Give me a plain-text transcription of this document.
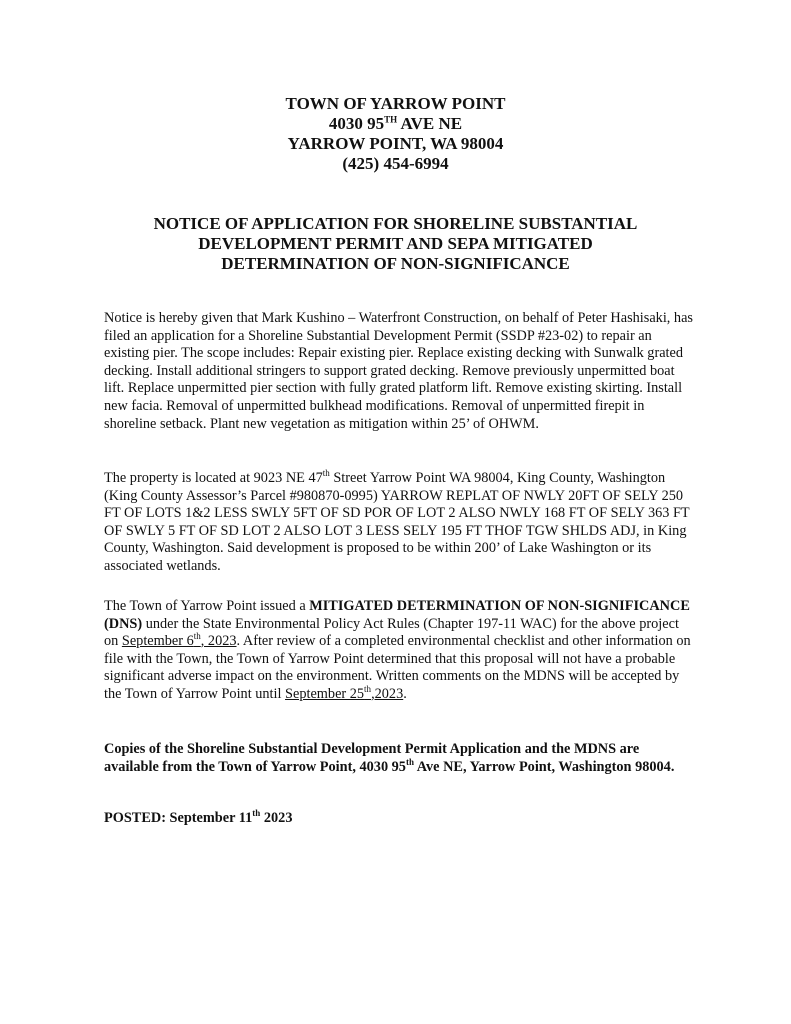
TOWN OF YARROW POINT
4030 95TH AVE NE
YARROW POINT, WA 98004
(425) 454-6994
NOTICE OF APPLICATION FOR SHORELINE SUBSTANTIAL
DEVELOPMENT PERMIT AND SEPA MITIGATED
DETERMINATION OF NON-SIGNIFICANCE

Notice is hereby given that Mark Kushino – Waterfront Construction, on behalf of Peter Hashisaki, has filed an application for a Shoreline Substantial Development Permit (SSDP #23-02) to repair an existing pier. The scope includes: Repair existing pier. Replace existing decking with Sunwalk grated decking. Install additional stringers to support grated decking. Remove previously unpermitted boat lift. Replace unpermitted pier section with fully grated platform lift. Remove existing skirting. Install new facia. Removal of unpermitted bulkhead modifications. Removal of unpermitted firepit in shoreline setback. Plant new vegetation as mitigation within 25’ of OHWM.

The property is located at 9023 NE 47th Street Yarrow Point WA 98004, King County, Washington (King County Assessor’s Parcel #980870-0995) YARROW REPLAT OF NWLY 20FT OF SELY 250 FT OF LOTS 1&2 LESS SWLY 5FT OF SD POR OF LOT 2 ALSO NWLY 168 FT OF SELY 363 FT OF SWLY 5 FT OF SD LOT 2 ALSO LOT 3 LESS SELY 195 FT THOF TGW SHLDS ADJ, in King County, Washington. Said development is proposed to be within 200’ of Lake Washington or its associated wetlands.

The Town of Yarrow Point issued a MITIGATED DETERMINATION OF NON-SIGNIFICANCE (DNS) under the State Environmental Policy Act Rules (Chapter 197-11 WAC) for the above project on September 6th, 2023. After review of a completed environmental checklist and other information on file with the Town, the Town of Yarrow Point determined that this proposal will not have a probable significant adverse impact on the environment. Written comments on the MDNS will be accepted by the Town of Yarrow Point until September 25th,2023.

Copies of the Shoreline Substantial Development Permit Application and the MDNS are available from the Town of Yarrow Point, 4030 95th Ave NE, Yarrow Point, Washington 98004.

POSTED: September 11th 2023
